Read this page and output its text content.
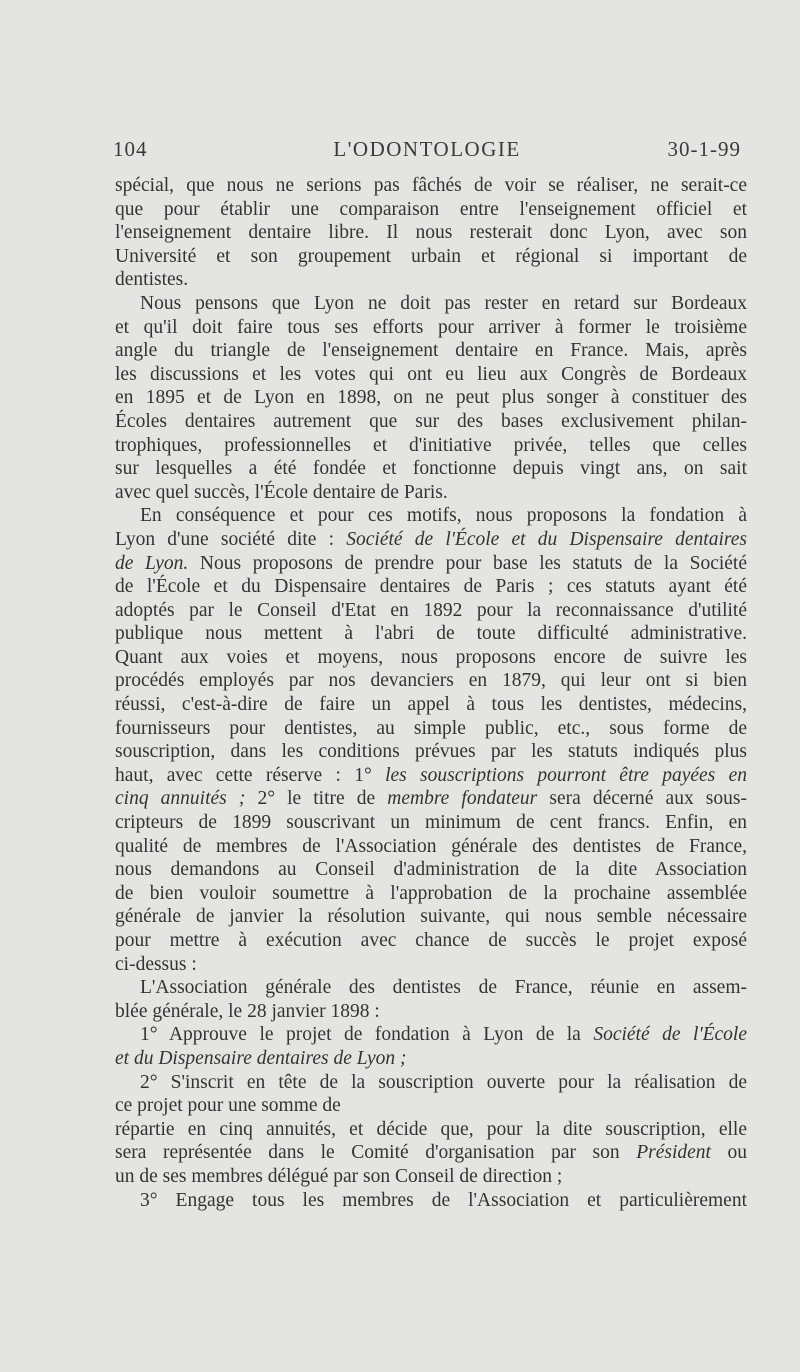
104	L'ODONTOLOGIE	30-1-99
spécial, que nous ne serions pas fâchés de voir se réaliser, ne serait-ce
que pour établir une comparaison entre l'enseignement officiel et
l'enseignement dentaire libre. Il nous resterait donc Lyon, avec son
Université et son groupement urbain et régional si important de
dentistes.
Nous pensons que Lyon ne doit pas rester en retard sur Bordeaux
et qu'il doit faire tous ses efforts pour arriver à former le troisième
angle du triangle de l'enseignement dentaire en France. Mais, après
les discussions et les votes qui ont eu lieu aux Congrès de Bordeaux
en 1895 et de Lyon en 1898, on ne peut plus songer à constituer des
Écoles dentaires autrement que sur des bases exclusivement philan-
trophiques, professionnelles et d'initiative privée, telles que celles
sur lesquelles a été fondée et fonctionne depuis vingt ans, on sait
avec quel succès, l'École dentaire de Paris.
En conséquence et pour ces motifs, nous proposons la fondation à
Lyon d'une société dite : Société de l'École et du Dispensaire dentaires
de Lyon. Nous proposons de prendre pour base les statuts de la Société
de l'École et du Dispensaire dentaires de Paris ; ces statuts ayant été
adoptés par le Conseil d'Etat en 1892 pour la reconnaissance d'utilité
publique nous mettent à l'abri de toute difficulté administrative.
Quant aux voies et moyens, nous proposons encore de suivre les
procédés employés par nos devanciers en 1879, qui leur ont si bien
réussi, c'est-à-dire de faire un appel à tous les dentistes, médecins,
fournisseurs pour dentistes, au simple public, etc., sous forme de
souscription, dans les conditions prévues par les statuts indiqués plus
haut, avec cette réserve : 1° les souscriptions pourront être payées en
cinq annuités ; 2° le titre de membre fondateur sera décerné aux sous-
cripteurs de 1899 souscrivant un minimum de cent francs. Enfin, en
qualité de membres de l'Association générale des dentistes de France,
nous demandons au Conseil d'administration de la dite Association
de bien vouloir soumettre à l'approbation de la prochaine assemblée
générale de janvier la résolution suivante, qui nous semble nécessaire
pour mettre à exécution avec chance de succès le projet exposé
ci-dessus :
L'Association générale des dentistes de France, réunie en assem-
blée générale, le 28 janvier 1898 :
1° Approuve le projet de fondation à Lyon de la Société de l'École
et du Dispensaire dentaires de Lyon ;
2° S'inscrit en tête de la souscription ouverte pour la réalisation de
ce projet pour une somme de
répartie en cinq annuités, et décide que, pour la dite souscription, elle
sera représentée dans le Comité d'organisation par son Président ou
un de ses membres délégué par son Conseil de direction ;
3° Engage tous les membres de l'Association et particulièrement
